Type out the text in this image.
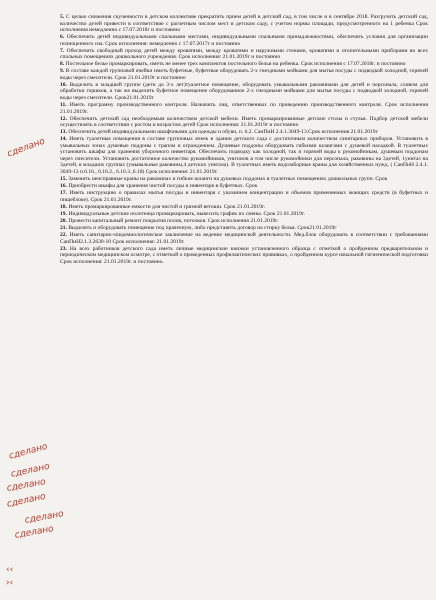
5. С целью снижения скученности в детском коллективе прекратить прием детей в детский сад, в том числе и в сентябре 2018. Разгрузить детский сад, количество детей привести в соответствие с расчетным числом мест в детском саду, с учетом нормы площади, предусмотренного на 1 ребенка Срок исполнения немедленно с 17.07.2018г и постоянно
6. Обеспечить детей индивидуальными спальными местами, индивидуальными спальными принадлежностями, обеспечить условия для организации полноценного сна. Срок исполнения: немедленно с 17.07.2017г и постоянно
7. Обеспечить свободный проход детей между кроватями, между кроватями и наружными стенами, кроватями и отопительными приборами во всех спальных помещениях дошкольного учреждения. Срок исполнения: 21.01.2019г и постоянно
8. Постельное белье промаркировать, иметь не менее трех комплектов постельного белья на ребенка. Срок исполнения с 17.07.2018г. и постоянно
9. В составе каждой групповой ячейки иметь буфетные, буфетные оборудовать 2-х гнездными мойками для мытья посуды с подводкой холодной, горячей воды через смесители. Срок 21.01.2019г и постоянно
10. Выделить в младшей группе (дети до 3-х лет)туалетное помещение, оборудовать умывальными раковинами для детей и персонала, сливом для обработки горшков, а так же выделить буфетное помещение оборудованное 2-х гнездными мойками для мытья посуды с подводкой холодной, горячей воды через смесители. Срок21.01.2019г
11. Иметь программу производственного контроля. Назначить лиц, ответственных по проведению производственного контроля. Срок исполнения 21.01.2019г.
12. Обеспечить детский сад необходимым количеством детской мебели. Иметь промаркированные детские столы и стулья. Подбор детской мебели осуществлять в соответствии с ростом и возрастом детей Срок исполнения: 21.01.2019г и постоянно
13. Обеспечить детей индивидуальными шкафчиками для одежды и обуви, п. 6.2. СанПиН 2.4.1.3049-13.Срок исполнения 21.01.2019г
14. Иметь туалетные помещения в составе групповых ячеек в здании детского сада с достаточным количеством санитарных приборов. Установить в умывальных зонах душевые поддоны с трапом и ограждением. Душевые поддоны оборудовать гибкими шлангами с душевой насадкой. В туалетных установить шкафы для хранения уборочного инвентаря. Обеспечить подводку как холодной, так и горячей воды к рукомойникам, душевым поддонам через смесители. Установить достаточное количество рукомойников, унитазов в том числе рукомойники для персонала, раковины на 3детей, 1унитаз на 3детей, в младших группах (умывальные раковины,4 детских унитаза). В туалетных иметь водозаборные краны для хозяйственных нужд. ( СанПиН 2.4.1. 3049-13 п.6.16., 6.16.2., 6.16.3.,6.18) Срок исполнения: 21.01.2019г.
15. Заменить неисправные краны на раковинах и гибкие шланги на душевых поддонах в туалетных помещениях дошкольных групп. Срок
16. Приобрести шкафы для хранения чистой посуды и инвентаря в буфетных. Срок
17. Иметь инструкцию о правилах мытья посуды и инвентаря с указанием концентрации и объемов применяемых моющих средств (в буфетных и пищеблоке). Срок 21.01.2019г.
18. Иметь промаркированные емкости для чистой и грязной ветоши. Срок 21.01.2019г.
19. Индивидуальные детские полотенца промаркировать, вывесить график их смены. Срок 21.01.2019г.
20. Провести капитальный ремонт покрытия полов, потолков. Срок исполнения 21.01.2019г.
21. Выделить и оборудовать помещение под прачечную, либо представить договор на стирку белья. Срок21.01.2019г
22. Иметь санитарно-эпидемиологическое заключение на ведение медицинской деятельности. Мед.блок оборудовать в соответствии с требованиями СанПиН2.1.3.2630-10 Срок исполнения: 21.01.2019г.
23. На всех работников детского сада иметь личные медицинские книжки установленного образца с отметкой о пройденном предварительном и периодическом медицинском осмотре, с отметкой о проведенных профилактических прививках, о пройденном курсе начальной гигиенической подготовки Срок исполнения: 21.01.2019г. и постоянно.
сделано
сделано
сделано
сделано
сделано
сделано
сделано
‹‹
›‹
